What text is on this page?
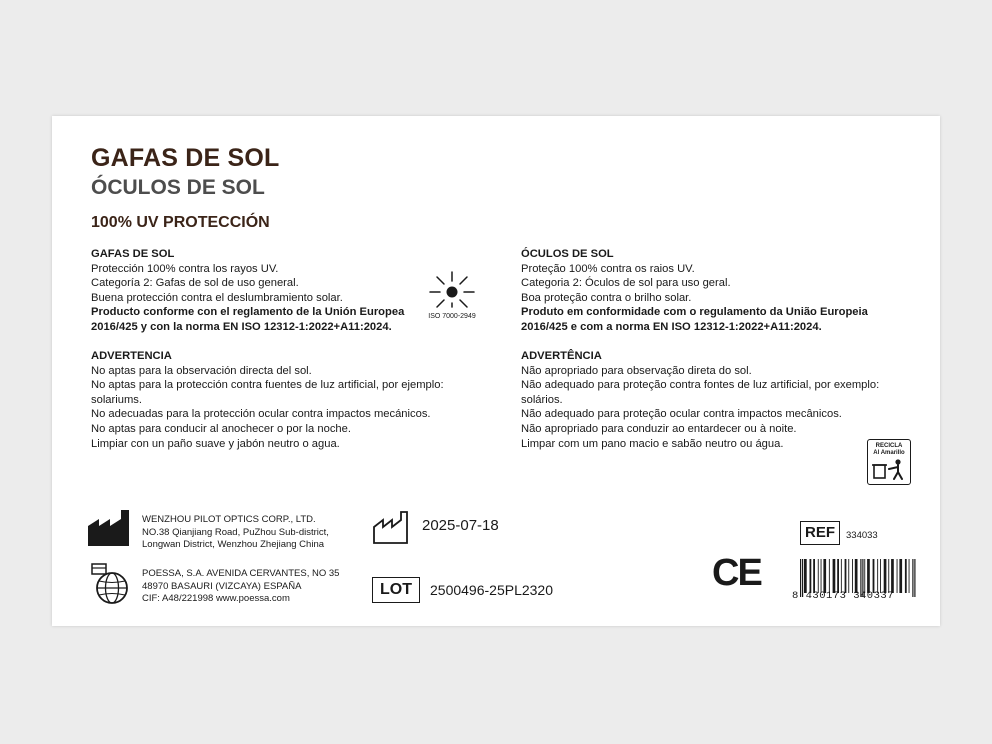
GAFAS DE SOL
ÓCULOS DE SOL
100% UV PROTECCIÓN
GAFAS DE SOL
Protección 100% contra los rayos UV.
Categoría 2: Gafas de sol de uso general.
Buena protección contra el deslumbramiento solar.
Producto conforme con el reglamento de la Unión Europea
2016/425 y con la norma EN ISO 12312-1:2022+A11:2024.
ADVERTENCIA
No aptas para la observación directa del sol.
No aptas para la protección contra fuentes de luz artificial, por ejemplo:
solariums.
No adecuadas para la protección ocular contra impactos mecánicos.
No aptas para conducir al anochecer o por la noche.
Limpiar con un paño suave y jabón neutro o agua.
ISO 7000-2949
ÓCULOS DE SOL
Proteção 100% contra os raios UV.
Categoria 2: Óculos de sol para uso geral.
Boa proteção contra o brilho solar.
Produto em conformidade com o regulamento da União Europeia
2016/425 e com a norma EN ISO 12312-1:2022+A11:2024.
ADVERTÊNCIA
Não apropriado para observação direta do sol.
Não adequado para proteção contra fontes de luz artificial, por exemplo:
solários.
Não adequado para proteção ocular contra impactos mecânicos.
Não apropriado para conduzir ao entardecer ou à noite.
Limpar com um pano macio e sabão neutro ou água.	RECICLA
Al Amarillo
WENZHOU PILOT OPTICS CORP., LTD.
NO.38 Qianjiang Road, PuZhou Sub-district,
Longwan District, Wenzhou Zhejiang China
POESSA, S.A. AVENIDA CERVANTES, NO 35
48970 BASAURI (VIZCAYA) ESPAÑA
CIF: A48/221998 www.poessa.com
2025-07-18
LOT	2500496-25PL2320
REF	334033
CE
8 430173 340337
